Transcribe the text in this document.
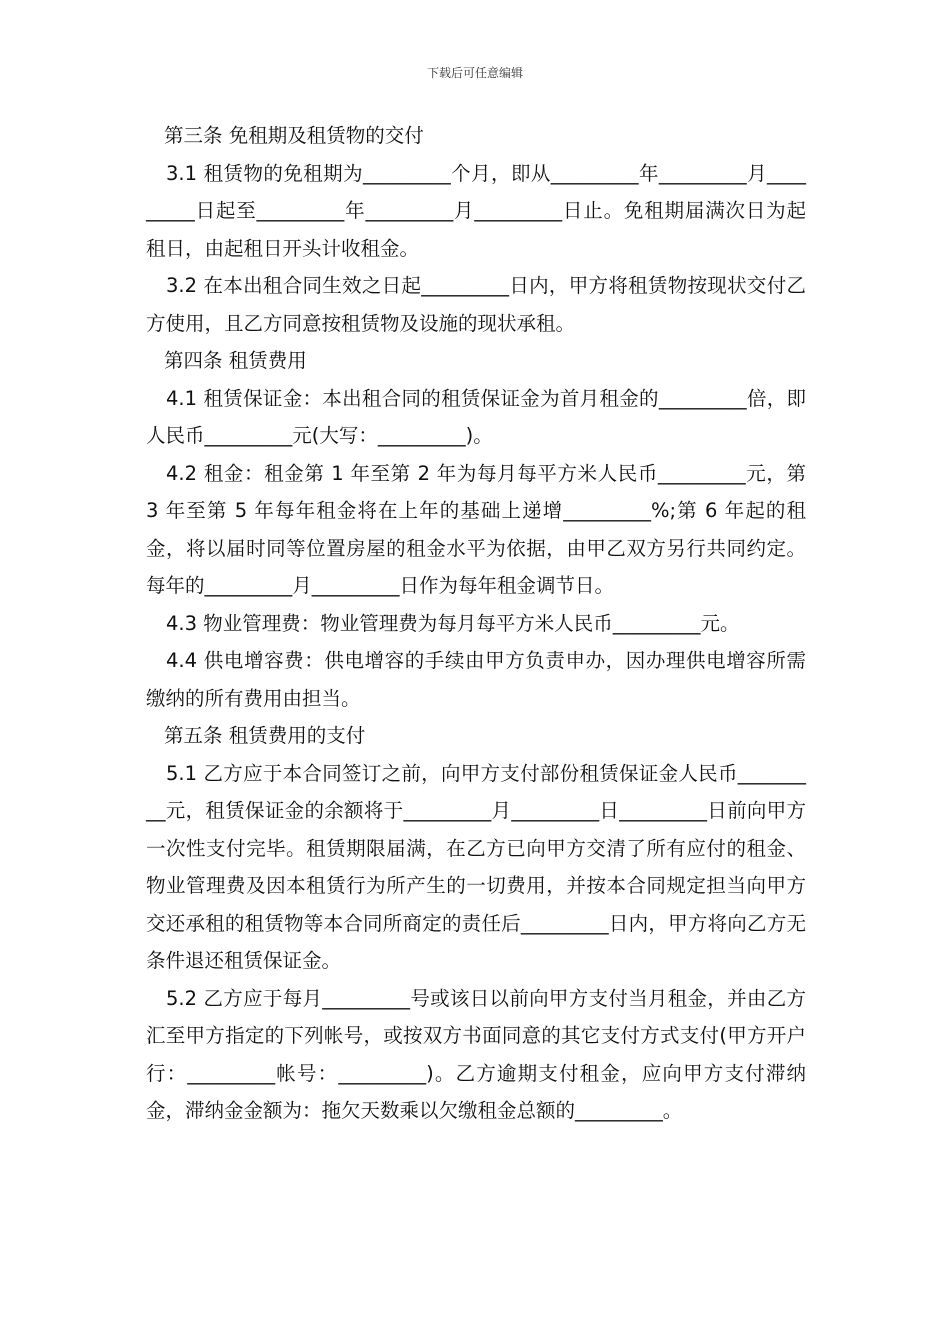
下载后可任意编辑

第三条 免租期及租赁物的交付

3.1 租赁物的免租期为_________个月，即从_________年_________月_________日起至_________年_________月_________日止。免租期届满次日为起租日，由起租日开头计收租金。

3.2 在本出租合同生效之日起_________日内，甲方将租赁物按现状交付乙方使用，且乙方同意按租赁物及设施的现状承租。

第四条 租赁费用

4.1 租赁保证金：本出租合同的租赁保证金为首月租金的_________倍，即人民币_________元(大写：_________)。

4.2 租金：租金第 1 年至第 2 年为每月每平方米人民币_________元，第 3 年至第 5 年每年租金将在上年的基础上递增_________%;第 6 年起的租金，将以届时同等位置房屋的租金水平为依据，由甲乙双方另行共同约定。每年的_________月_________日作为每年租金调节日。

4.3 物业管理费：物业管理费为每月每平方米人民币_________元。

4.4 供电增容费：供电增容的手续由甲方负责申办，因办理供电增容所需缴纳的所有费用由担当。

第五条 租赁费用的支付

5.1 乙方应于本合同签订之前，向甲方支付部份租赁保证金人民币_________元，租赁保证金的余额将于_________月_________日_________日前向甲方一次性支付完毕。租赁期限届满，在乙方已向甲方交清了所有应付的租金、物业管理费及因本租赁行为所产生的一切费用，并按本合同规定担当向甲方交还承租的租赁物等本合同所商定的责任后_________日内，甲方将向乙方无条件退还租赁保证金。

5.2 乙方应于每月_________号或该日以前向甲方支付当月租金，并由乙方汇至甲方指定的下列帐号，或按双方书面同意的其它支付方式支付(甲方开户行：_________帐号：_________)。乙方逾期支付租金，应向甲方支付滞纳金，滞纳金金额为：拖欠天数乘以欠缴租金总额的_________。
